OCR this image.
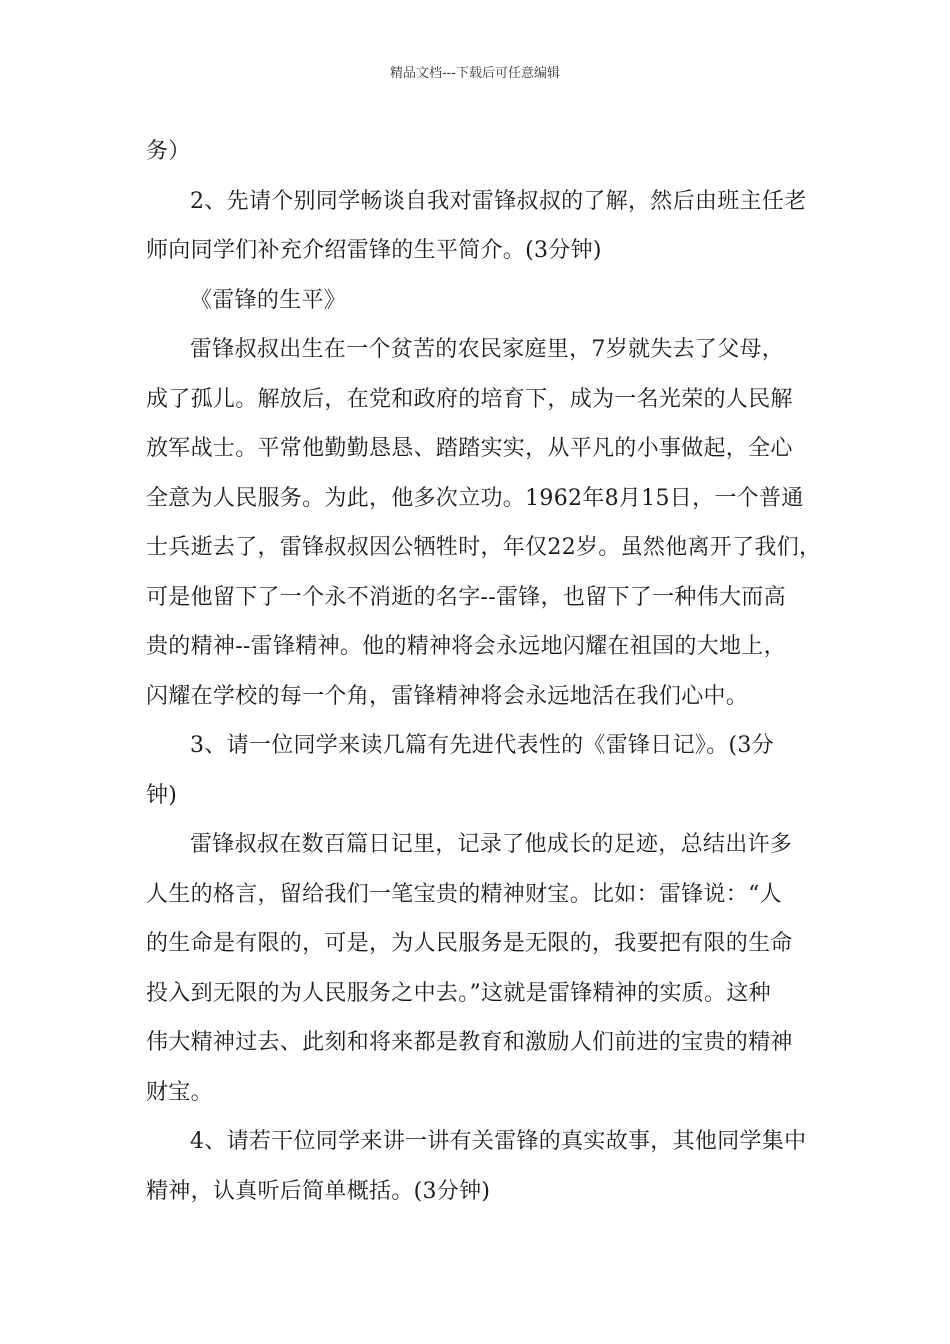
精品文档---下载后可任意编辑
务）
2、先请个别同学畅谈自我对雷锋叔叔的了解，然后由班主任老
师向同学们补充介绍雷锋的生平简介。(3分钟)
《雷锋的生平》
雷锋叔叔出生在一个贫苦的农民家庭里，7岁就失去了父母，
成了孤儿。解放后，在党和政府的培育下，成为一名光荣的人民解
放军战士。平常他勤勤恳恳、踏踏实实，从平凡的小事做起，全心
全意为人民服务。为此，他多次立功。1962年8月15日，一个普通
士兵逝去了，雷锋叔叔因公牺牲时，年仅22岁。虽然他离开了我们，
可是他留下了一个永不消逝的名字--雷锋，也留下了一种伟大而高
贵的精神--雷锋精神。他的精神将会永远地闪耀在祖国的大地上，
闪耀在学校的每一个角，雷锋精神将会永远地活在我们心中。
3、请一位同学来读几篇有先进代表性的《雷锋日记》。(3分
钟)
雷锋叔叔在数百篇日记里，记录了他成长的足迹，总结出许多
人生的格言，留给我们一笔宝贵的精神财宝。比如：雷锋说：“人
的生命是有限的，可是，为人民服务是无限的，我要把有限的生命
投入到无限的为人民服务之中去。”这就是雷锋精神的实质。这种
伟大精神过去、此刻和将来都是教育和激励人们前进的宝贵的精神
财宝。
4、请若干位同学来讲一讲有关雷锋的真实故事，其他同学集中
精神，认真听后简单概括。(3分钟)
